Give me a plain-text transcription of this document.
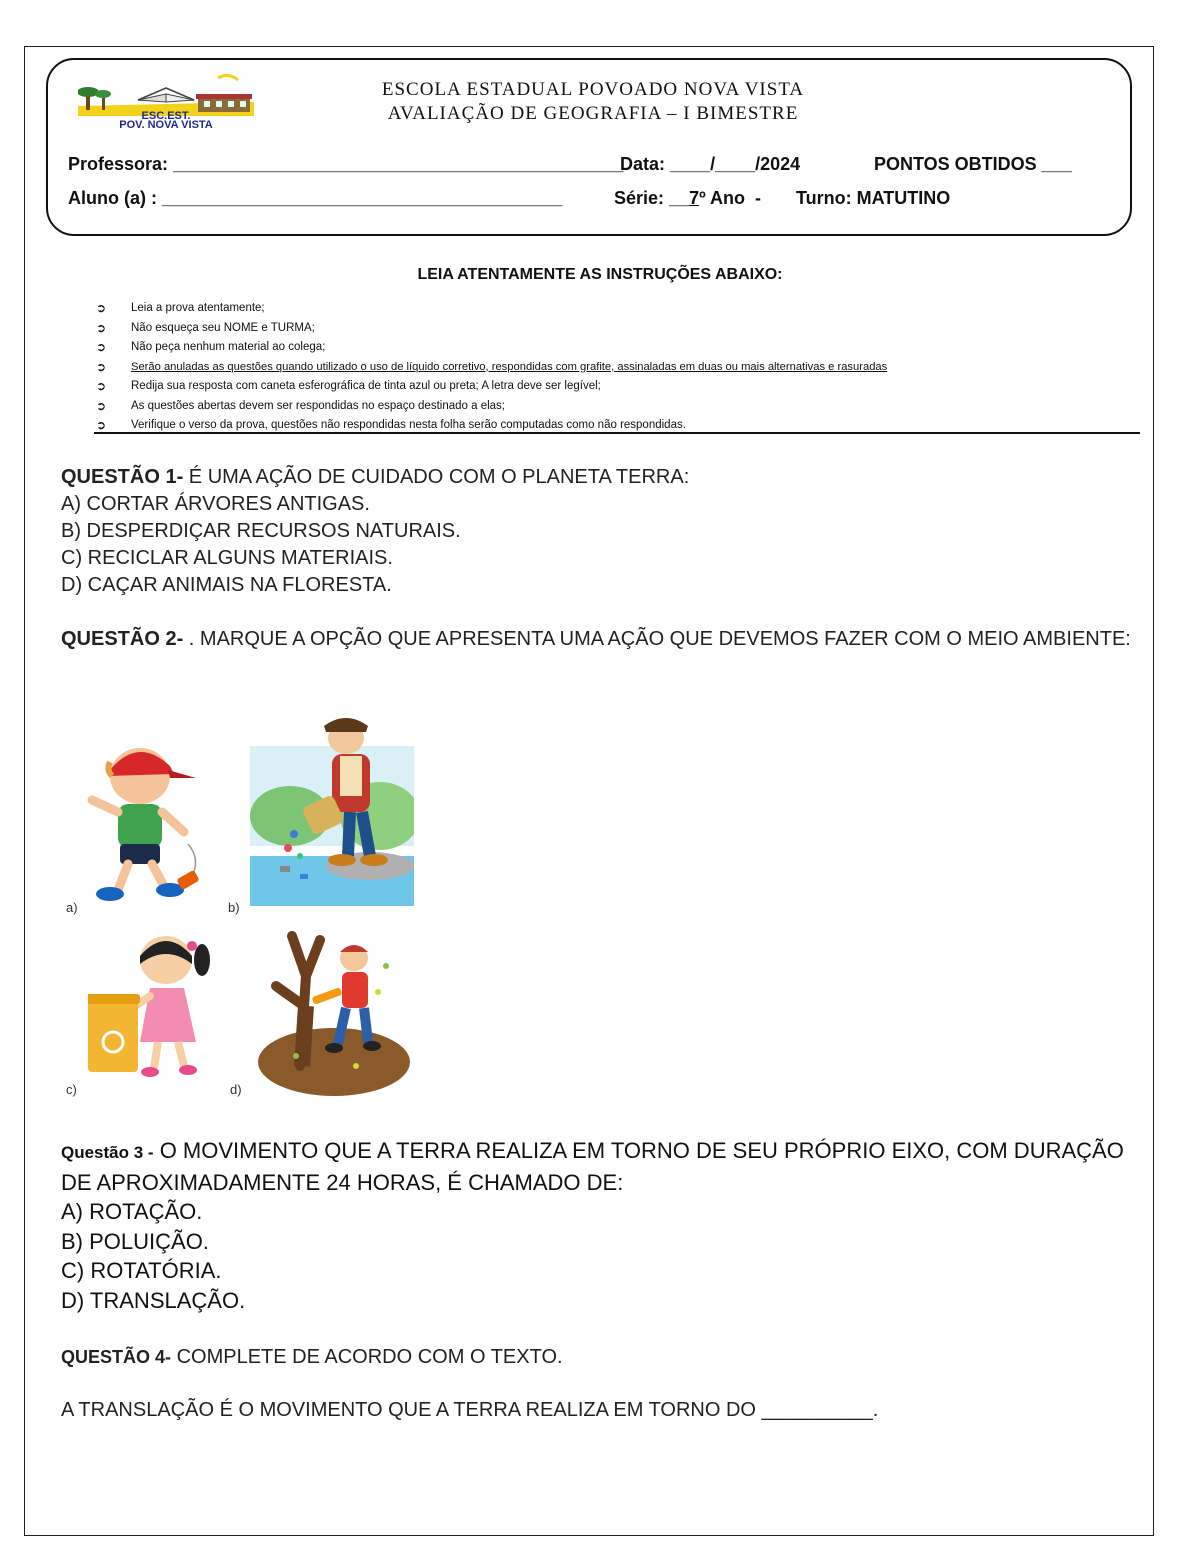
ESC.EST.
POV. NOVA VISTA
ESCOLA ESTADUAL POVOADO NOVA VISTA
AVALIAÇÃO DE GEOGRAFIA – I BIMESTRE
Professora: _____________________________________________
Data: ____/____/2024	PONTOS OBTIDOS ___
Aluno (a) : ________________________________________	Série: __7º Ano  - Turno: MATUTINO
LEIA ATENTAMENTE AS INSTRUÇÕES ABAIXO:
➲ Leia a prova atentamente;
➲ Não esqueça seu NOME e TURMA;
➲ Não peça nenhum material ao colega;
➲ Serão anuladas as questões quando utilizado o uso de líquido corretivo, respondidas com grafite, assinaladas em duas ou mais alternativas e rasuradas
➲ Redija sua resposta com caneta esferográfica de tinta azul ou preta; A letra deve ser legível;
➲ As questões abertas devem ser respondidas no espaço destinado a elas;
➲ Verifique o verso da prova, questões não respondidas nesta folha serão computadas como não respondidas.
QUESTÃO 1- É UMA AÇÃO DE CUIDADO COM O PLANETA TERRA:
A) CORTAR ÁRVORES ANTIGAS.
B) DESPERDIÇAR RECURSOS NATURAIS.
C) RECICLAR ALGUNS MATERIAIS.
D) CAÇAR ANIMAIS NA FLORESTA.
QUESTÃO 2- . MARQUE A OPÇÃO QUE APRESENTA UMA AÇÃO QUE DEVEMOS FAZER COM O MEIO AMBIENTE:
a)	b)
c)	d)
Questão 3 - O MOVIMENTO QUE A TERRA REALIZA EM TORNO DE SEU PRÓPRIO EIXO, COM DURAÇÃO DE APROXIMADAMENTE 24 HORAS, É CHAMADO DE:
A) ROTAÇÃO.
B) POLUIÇÃO.
C) ROTATÓRIA.
D) TRANSLAÇÃO.
QUESTÃO 4- COMPLETE DE ACORDO COM O TEXTO.
A TRANSLAÇÃO É O MOVIMENTO QUE A TERRA REALIZA EM TORNO DO __________.
